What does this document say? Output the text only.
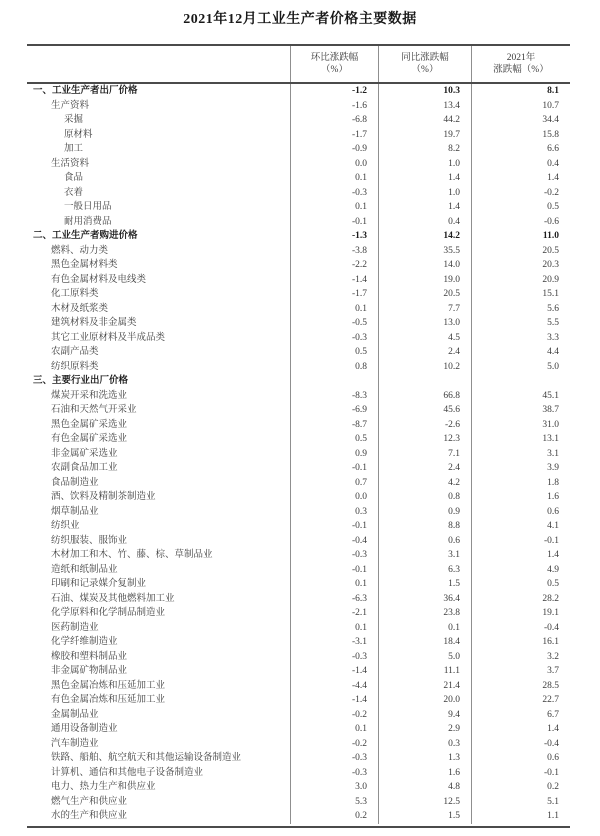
2021年12月工业生产者价格主要数据
环比涨跌幅
（%）
同比涨跌幅
（%）
2021年
涨跌幅（%）
一、工业生产者出厂价格	-1.2	10.3	8.1
生产资料	-1.6	13.4	10.7
采掘	-6.8	44.2	34.4
原材料	-1.7	19.7	15.8
加工	-0.9	8.2	6.6
生活资料	0.0	1.0	0.4
食品	0.1	1.4	1.4
衣着	-0.3	1.0	-0.2
一般日用品	0.1	1.4	0.5
耐用消费品	-0.1	0.4	-0.6
二、工业生产者购进价格	-1.3	14.2	11.0
燃料、动力类	-3.8	35.5	20.5
黑色金属材料类	-2.2	14.0	20.3
有色金属材料及电线类	-1.4	19.0	20.9
化工原料类	-1.7	20.5	15.1
木材及纸浆类	0.1	7.7	5.6
建筑材料及非金属类	-0.5	13.0	5.5
其它工业原材料及半成品类	-0.3	4.5	3.3
农副产品类	0.5	2.4	4.4
纺织原料类	0.8	10.2	5.0
三、主要行业出厂价格
煤炭开采和洗选业	-8.3	66.8	45.1
石油和天然气开采业	-6.9	45.6	38.7
黑色金属矿采选业	-8.7	-2.6	31.0
有色金属矿采选业	0.5	12.3	13.1
非金属矿采选业	0.9	7.1	3.1
农副食品加工业	-0.1	2.4	3.9
食品制造业	0.7	4.2	1.8
酒、饮料及精制茶制造业	0.0	0.8	1.6
烟草制品业	0.3	0.9	0.6
纺织业	-0.1	8.8	4.1
纺织服装、服饰业	-0.4	0.6	-0.1
木材加工和木、竹、藤、棕、草制品业	-0.3	3.1	1.4
造纸和纸制品业	-0.1	6.3	4.9
印刷和记录媒介复制业	0.1	1.5	0.5
石油、煤炭及其他燃料加工业	-6.3	36.4	28.2
化学原料和化学制品制造业	-2.1	23.8	19.1
医药制造业	0.1	0.1	-0.4
化学纤维制造业	-3.1	18.4	16.1
橡胶和塑料制品业	-0.3	5.0	3.2
非金属矿物制品业	-1.4	11.1	3.7
黑色金属冶炼和压延加工业	-4.4	21.4	28.5
有色金属冶炼和压延加工业	-1.4	20.0	22.7
金属制品业	-0.2	9.4	6.7
通用设备制造业	0.1	2.9	1.4
汽车制造业	-0.2	0.3	-0.4
铁路、船舶、航空航天和其他运输设备制造业	-0.3	1.3	0.6
计算机、通信和其他电子设备制造业	-0.3	1.6	-0.1
电力、热力生产和供应业	3.0	4.8	0.2
燃气生产和供应业	5.3	12.5	5.1
水的生产和供应业	0.2	1.5	1.1
